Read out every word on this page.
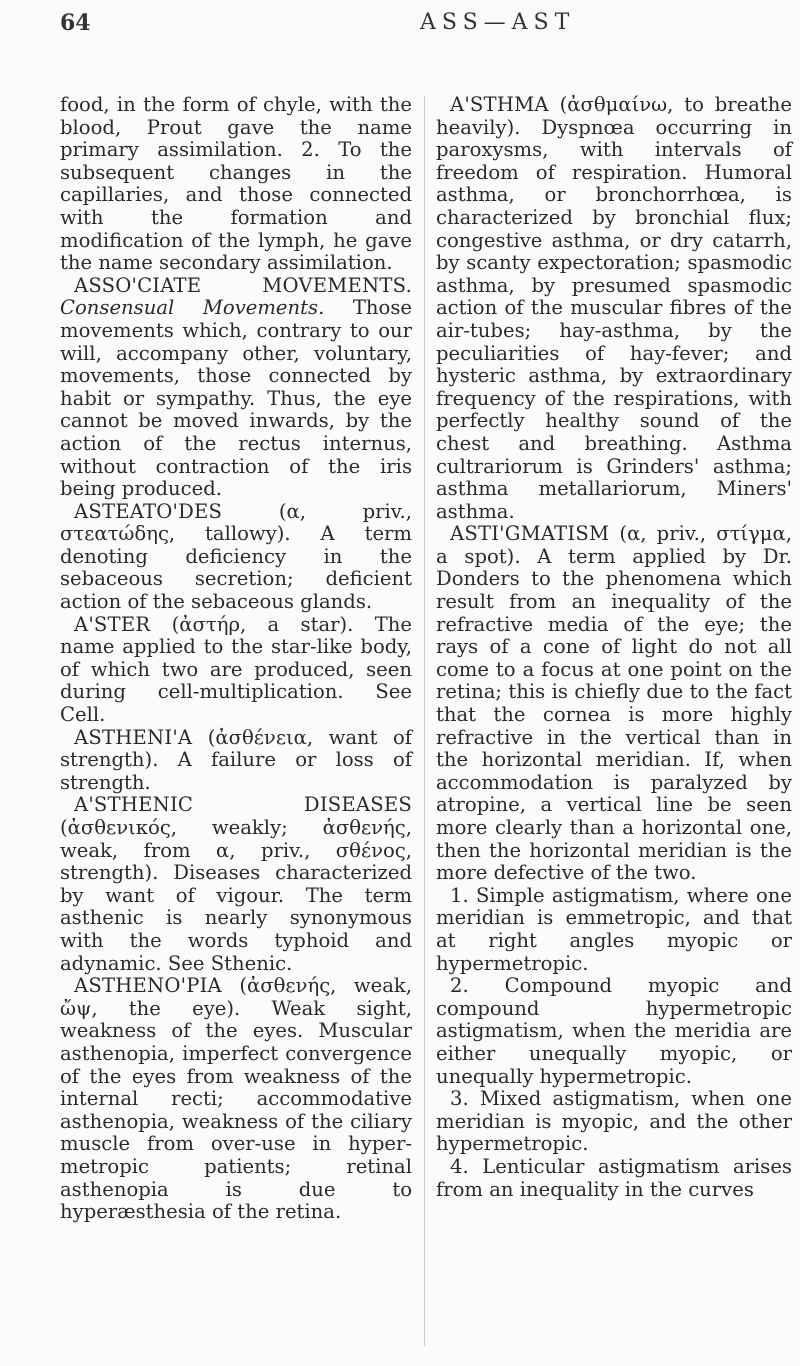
64	ASS—AST

food, in the form of chyle, with the blood, Prout gave the name primary assimilation. 2. To the subsequent changes in the capillaries, and those connected with the formation and modification of the lymph, he gave the name secondary assimilation.

ASSO'CIATE MOVEMENTS. Consensual Movements. Those movements which, contrary to our will, accompany other, voluntary, movements, those connected by habit or sympathy. Thus, the eye cannot be moved inwards, by the action of the rectus internus, without contraction of the iris being produced.

ASTEATO'DES	(α, priv., στεατώδης, tallowy). A term denoting deficiency in the sebaceous secretion; deficient action of the sebaceous glands.

A'STER (ἀστήρ, a star). The name applied to the star-like body, of which two are produced, seen during cell-multiplication. See Cell.

ASTHENI'A (ἀσθένεια, want of strength). A failure or loss of strength.

A'STHENIC DISEASES (ἀσθενικός, weakly; ἀσθενής, weak, from α, priv., σθένος, strength). Diseases characterized by want of vigour. The term asthenic is nearly synonymous with the words typhoid and adynamic. See Sthenic.

ASTHENO'PIA (ἀσθενής, weak, ὤψ, the eye). Weak sight, weakness of the eyes. Muscular asthenopia, imperfect convergence of the eyes from weakness of the internal recti; accommodative asthenopia, weakness of the ciliary muscle from over-use in hyper-metropic patients; retinal asthenopia is due to hyperæsthesia of the retina.

A'STHMA (ἀσθμαίνω, to breathe heavily). Dyspnœa occurring in paroxysms, with intervals of freedom of respiration. Humoral asthma, or bronchorrhœa, is characterized by bronchial flux; congestive asthma, or dry catarrh, by scanty expectoration; spasmodic asthma, by presumed spasmodic action of the muscular fibres of the air-tubes; hay-asthma, by the peculiarities of hay-fever; and hysteric asthma, by extraordinary frequency of the respirations, with perfectly healthy sound of the chest and breathing. Asthma cultrariorum is Grinders' asthma; asthma metallariorum, Miners' asthma.

ASTI'GMATISM (α, priv., στίγμα, a spot). A term applied by Dr. Donders to the phenomena which result from an inequality of the refractive media of the eye; the rays of a cone of light do not all come to a focus at one point on the retina; this is chiefly due to the fact that the cornea is more highly refractive in the vertical than in the horizontal meridian. If, when accommodation is paralyzed by atropine, a vertical line be seen more clearly than a horizontal one, then the horizontal meridian is the more defective of the two.

1. Simple astigmatism, where one meridian is emmetropic, and that at right angles myopic or hypermetropic.

2. Compound myopic and compound hypermetropic astigmatism, when the meridia are either unequally myopic, or unequally hypermetropic.

3. Mixed astigmatism, when one meridian is myopic, and the other hypermetropic.

4. Lenticular astigmatism arises from an inequality in the curves
